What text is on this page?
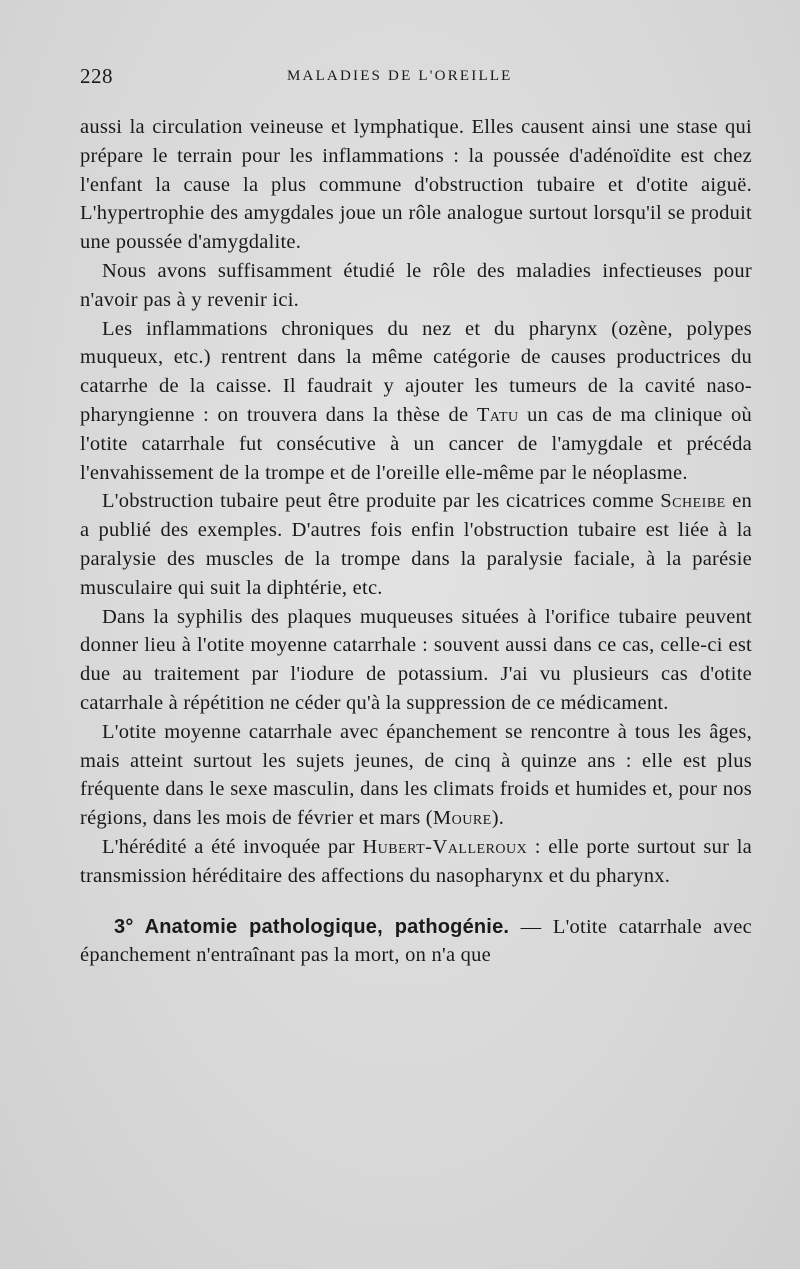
228	MALADIES DE L'OREILLE

aussi la circulation veineuse et lymphatique. Elles causent ainsi une stase qui prépare le terrain pour les inflammations : la poussée d'adénoïdite est chez l'enfant la cause la plus commune d'obstruction tubaire et d'otite aiguë. L'hypertrophie des amygdales joue un rôle analogue surtout lorsqu'il se produit une poussée d'amygdalite.

Nous avons suffisamment étudié le rôle des maladies infectieuses pour n'avoir pas à y revenir ici.

Les inflammations chroniques du nez et du pharynx (ozène, polypes muqueux, etc.) rentrent dans la même catégorie de causes productrices du catarrhe de la caisse. Il faudrait y ajouter les tumeurs de la cavité naso-pharyngienne : on trouvera dans la thèse de Tatu un cas de ma clinique où l'otite catarrhale fut consécutive à un cancer de l'amygdale et précéda l'envahissement de la trompe et de l'oreille elle-même par le néoplasme.

L'obstruction tubaire peut être produite par les cicatrices comme Scheibe en a publié des exemples. D'autres fois enfin l'obstruction tubaire est liée à la paralysie des muscles de la trompe dans la paralysie faciale, à la parésie musculaire qui suit la diphtérie, etc.

Dans la syphilis des plaques muqueuses situées à l'orifice tubaire peuvent donner lieu à l'otite moyenne catarrhale : souvent aussi dans ce cas, celle-ci est due au traitement par l'iodure de potassium. J'ai vu plusieurs cas d'otite catarrhale à répétition ne céder qu'à la suppression de ce médicament.

L'otite moyenne catarrhale avec épanchement se rencontre à tous les âges, mais atteint surtout les sujets jeunes, de cinq à quinze ans : elle est plus fréquente dans le sexe masculin, dans les climats froids et humides et, pour nos régions, dans les mois de février et mars (Moure).

L'hérédité a été invoquée par Hubert-Valleroux : elle porte surtout sur la transmission héréditaire des affections du nasopharynx et du pharynx.

3° Anatomie pathologique, pathogénie. — L'otite catarrhale avec épanchement n'entraînant pas la mort, on n'a que
